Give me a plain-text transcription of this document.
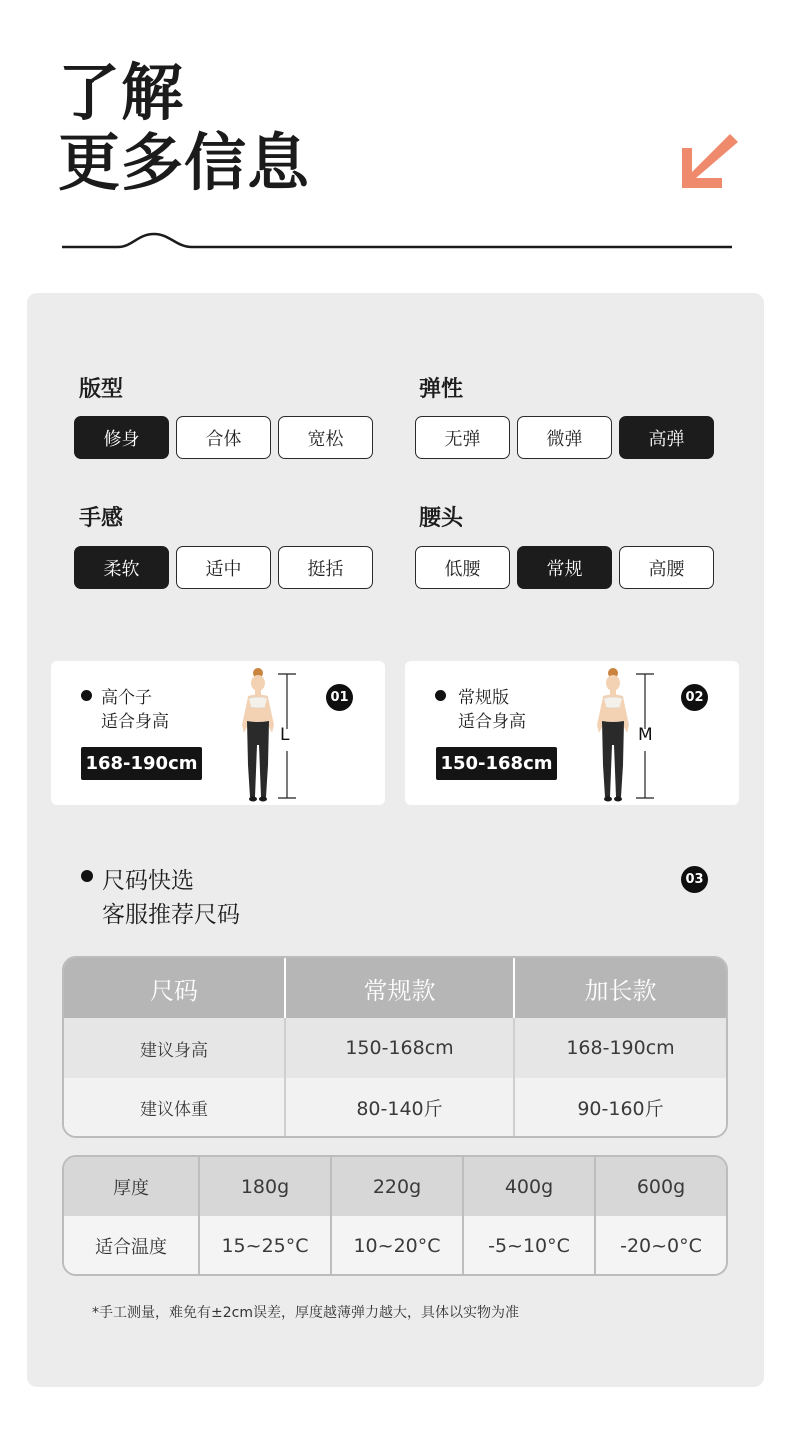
了解
更多信息
版型
修身	合体	宽松
弹性
无弹	微弹	高弹
手感
柔软	适中	挺括
腰头
低腰	常规	高腰
高个子
适合身高
168-190cm
L
01	常规版
适合身高
150-168cm
M
02
尺码快选
客服推荐尺码
03
尺码	常规款	加长款
建议身高	150-168cm	168-190cm
建议体重	80-140斤	90-160斤
厚度	180g	220g	400g	600g
适合温度	15~25°C	10~20°C	-5~10°C	-20~0°C
*手工测量，难免有±2cm误差，厚度越薄弹力越大，具体以实物为准
